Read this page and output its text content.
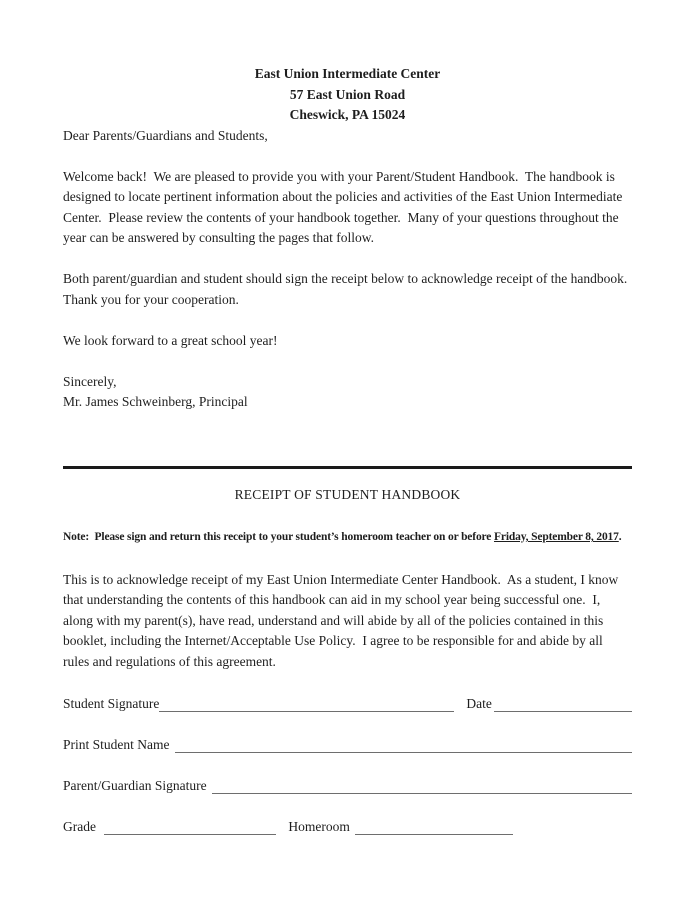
East Union Intermediate Center
57 East Union Road
Cheswick, PA 15024

Dear Parents/Guardians and Students,

Welcome back!  We are pleased to provide you with your Parent/Student Handbook.  The handbook is designed to locate pertinent information about the policies and activities of the East Union Intermediate Center.  Please review the contents of your handbook together.  Many of your questions throughout the year can be answered by consulting the pages that follow.

Both parent/guardian and student should sign the receipt below to acknowledge receipt of the handbook.  Thank you for your cooperation.

We look forward to a great school year!

Sincerely,
Mr. James Schweinberg, Principal
RECEIPT OF STUDENT HANDBOOK

Note:  Please sign and return this receipt to your student’s homeroom teacher on or before Friday, September 8, 2017.

This is to acknowledge receipt of my East Union Intermediate Center Handbook.  As a student, I know that understanding the contents of this handbook can aid in my school year being successful one.  I, along with my parent(s), have read, understand and will abide by all of the policies contained in this booklet, including the Internet/Acceptable Use Policy.  I agree to be responsible for and abide by all rules and regulations of this agreement.

Student Signature	Date
Print Student Name
Parent/Guardian Signature
Grade	Homeroom
